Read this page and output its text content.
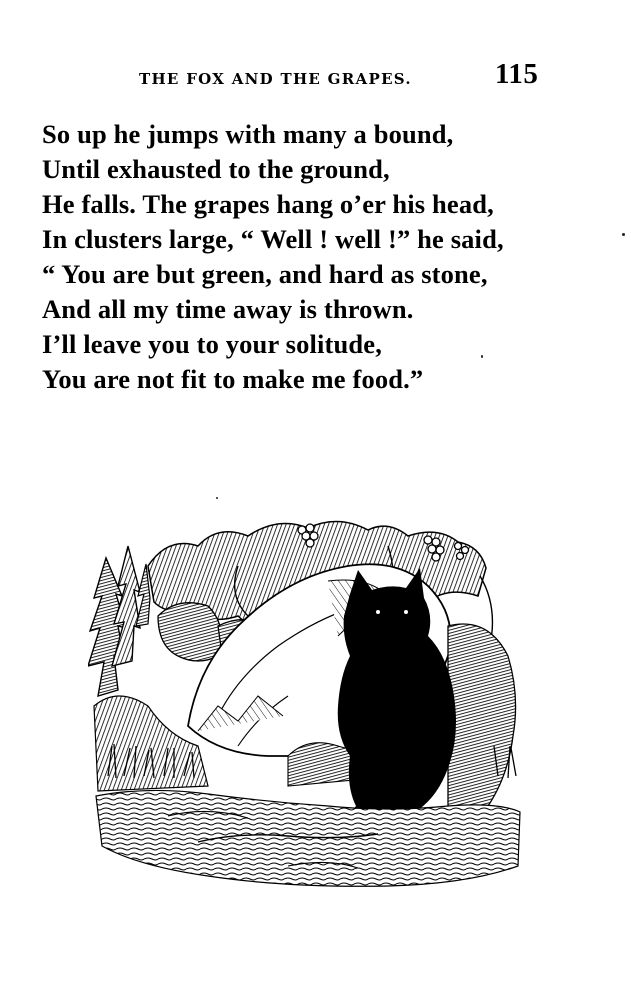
THE FOX AND THE GRAPES.	115
So up he jumps with many a bound,
Until exhausted to the ground,
He falls. The grapes hang o’er his head,
In clusters large, “ Well ! well !” he said,
“ You are but green, and hard as stone,
And all my time away is thrown.
I’ll leave you to your solitude,
You are not fit to make me food.”
